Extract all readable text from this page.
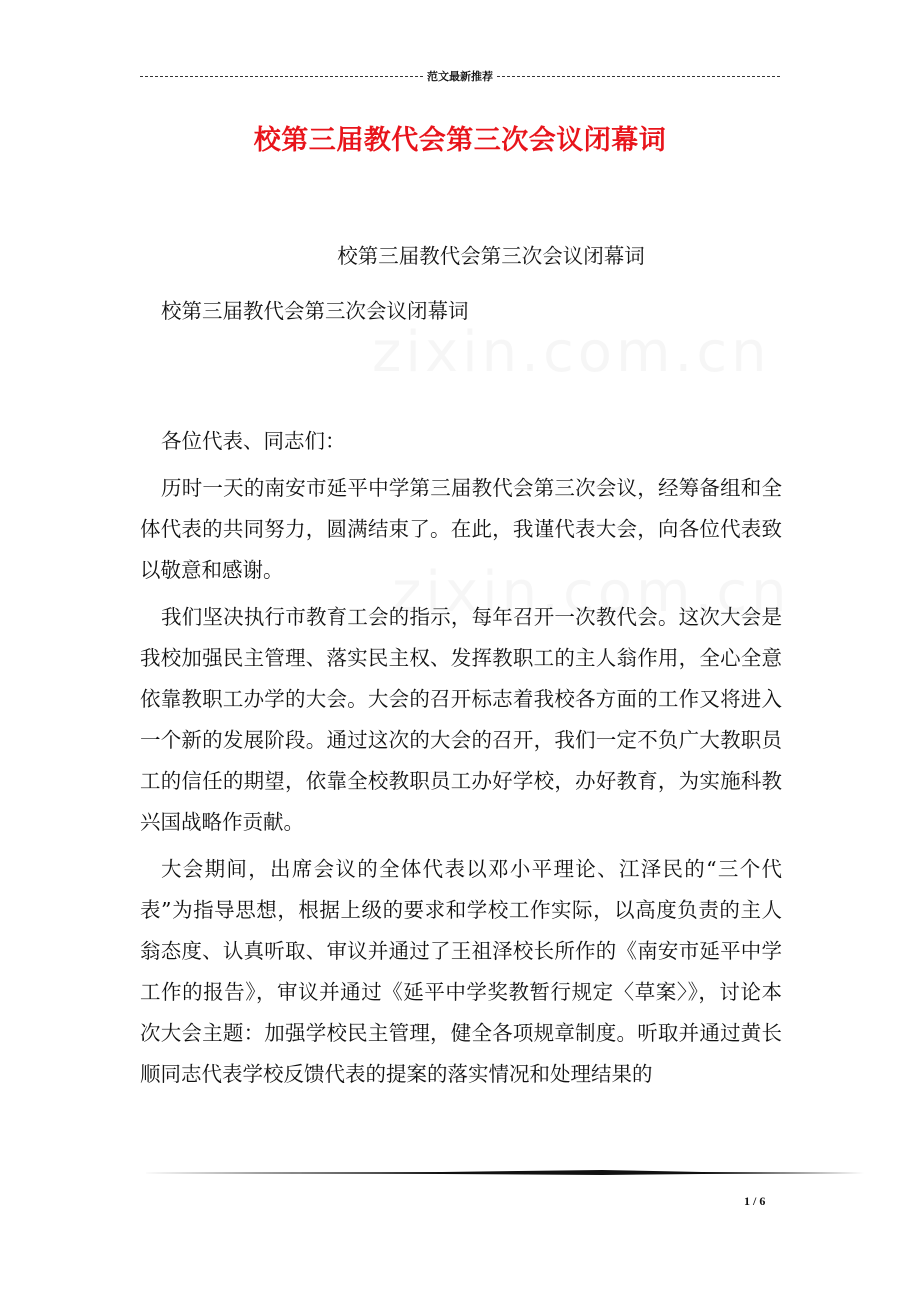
范文最新推荐
校第三届教代会第三次会议闭幕词

校第三届教代会第三次会议闭幕词

校第三届教代会第三次会议闭幕词

各位代表、同志们：

历时一天的南安市延平中学第三届教代会第三次会议，经筹备组和全体代表的共同努力，圆满结束了。在此，我谨代表大会，向各位代表致以敬意和感谢。

我们坚决执行市教育工会的指示，每年召开一次教代会。这次大会是我校加强民主管理、落实民主权、发挥教职工的主人翁作用，全心全意依靠教职工办学的大会。大会的召开标志着我校各方面的工作又将进入一个新的发展阶段。通过这次的大会的召开，我们一定不负广大教职员工的信任的期望，依靠全校教职员工办好学校，办好教育，为实施科教兴国战略作贡献。

大会期间，出席会议的全体代表以邓小平理论、江泽民的“三个代表”为指导思想，根据上级的要求和学校工作实际，以高度负责的主人翁态度、认真听取、审议并通过了王祖泽校长所作的《南安市延平中学工作的报告》，审议并通过《延平中学奖教暂行规定〈草案〉》，讨论本次大会主题：加强学校民主管理，健全各项规章制度。听取并通过黄长顺同志代表学校反馈代表的提案的落实情况和处理结果的

1 / 6
